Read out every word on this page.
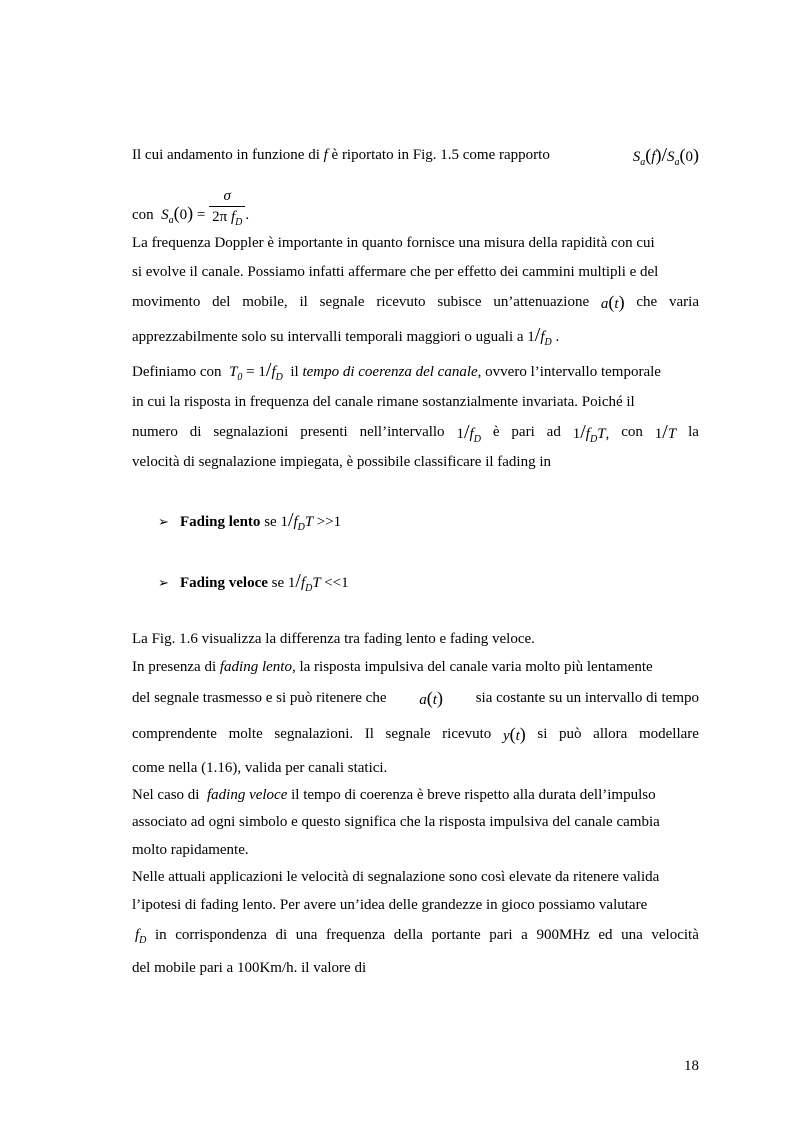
Il cui andamento in funzione di f è riportato in Fig. 1.5 come rapporto	$S_a(f)/S_a(0)$
con $S_a(0) = \frac{\sigma}{2\pi f_D}$ .
La frequenza Doppler è importante in quanto fornisce una misura della rapidità con cui
si evolve il canale. Possiamo infatti affermare che per effetto dei cammini multipli e del
movimento del mobile, il segnale ricevuto subisce un’attenuazione a(t) che varia
apprezzabilmente solo su intervalli temporali maggiori o uguali a $1/f_D$ .
Definiamo con $T_0 = 1/f_D$ il tempo di coerenza del canale, ovvero l’intervallo temporale
in cui la risposta in frequenza del canale rimane sostanzialmente invariata. Poiché il
numero di segnalazioni presenti nell’intervallo $1/f_D$ è pari ad $1/f_DT$, con 1/T la
velocità di segnalazione impiegata, è possibile classificare il fading in
➢ Fading lento se $1/f_DT >>1$
➢ Fading veloce se $1/f_DT <<1$
La Fig. 1.6 visualizza la differenza tra fading lento e fading veloce.
In presenza di fading lento, la risposta impulsiva del canale varia molto più lentamente
del segnale trasmesso e si può ritenere che a(t) sia costante su un intervallo di tempo
comprendente molte segnalazioni. Il segnale ricevuto y(t) si può allora modellare
come nella (1.16), valida per canali statici.
Nel caso di fading veloce il tempo di coerenza è breve rispetto alla durata dell’impulso
associato ad ogni simbolo e questo significa che la risposta impulsiva del canale cambia
molto rapidamente.
Nelle attuali applicazioni le velocità di segnalazione sono così elevate da ritenere valida
l’ipotesi di fading lento. Per avere un’idea delle grandezze in gioco possiamo valutare
$f_D$ in corrispondenza di una frequenza della portante pari a 900MHz ed una velocità
del mobile pari a 100Km/h. il valore di
18
